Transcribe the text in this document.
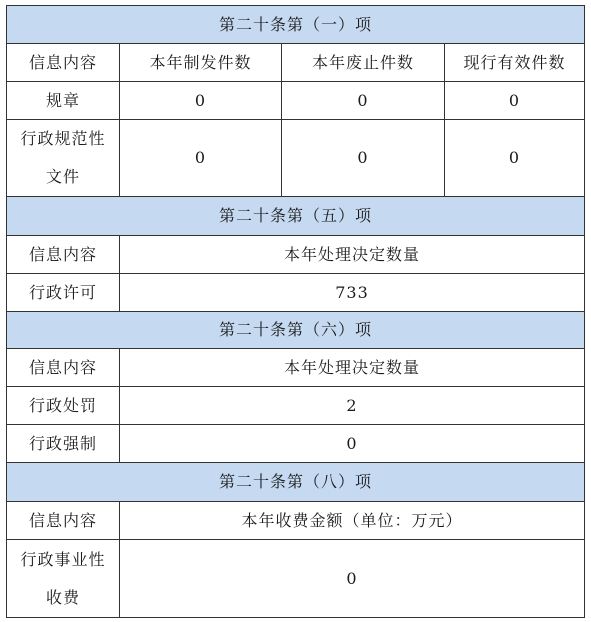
第二十条第（一）项			
信息内容	本年制发件数	本年废止件数	现行有效件数
规章	0	0	0
行政规范性文件	0	0	0
第二十条第（五）项			
信息内容	本年处理决定数量		
行政许可	733		
第二十条第（六）项			
信息内容	本年处理决定数量		
行政处罚	2		
行政强制	0		
第二十条第（八）项			
信息内容	本年收费金额（单位：万元）		
行政事业性收费	0		
